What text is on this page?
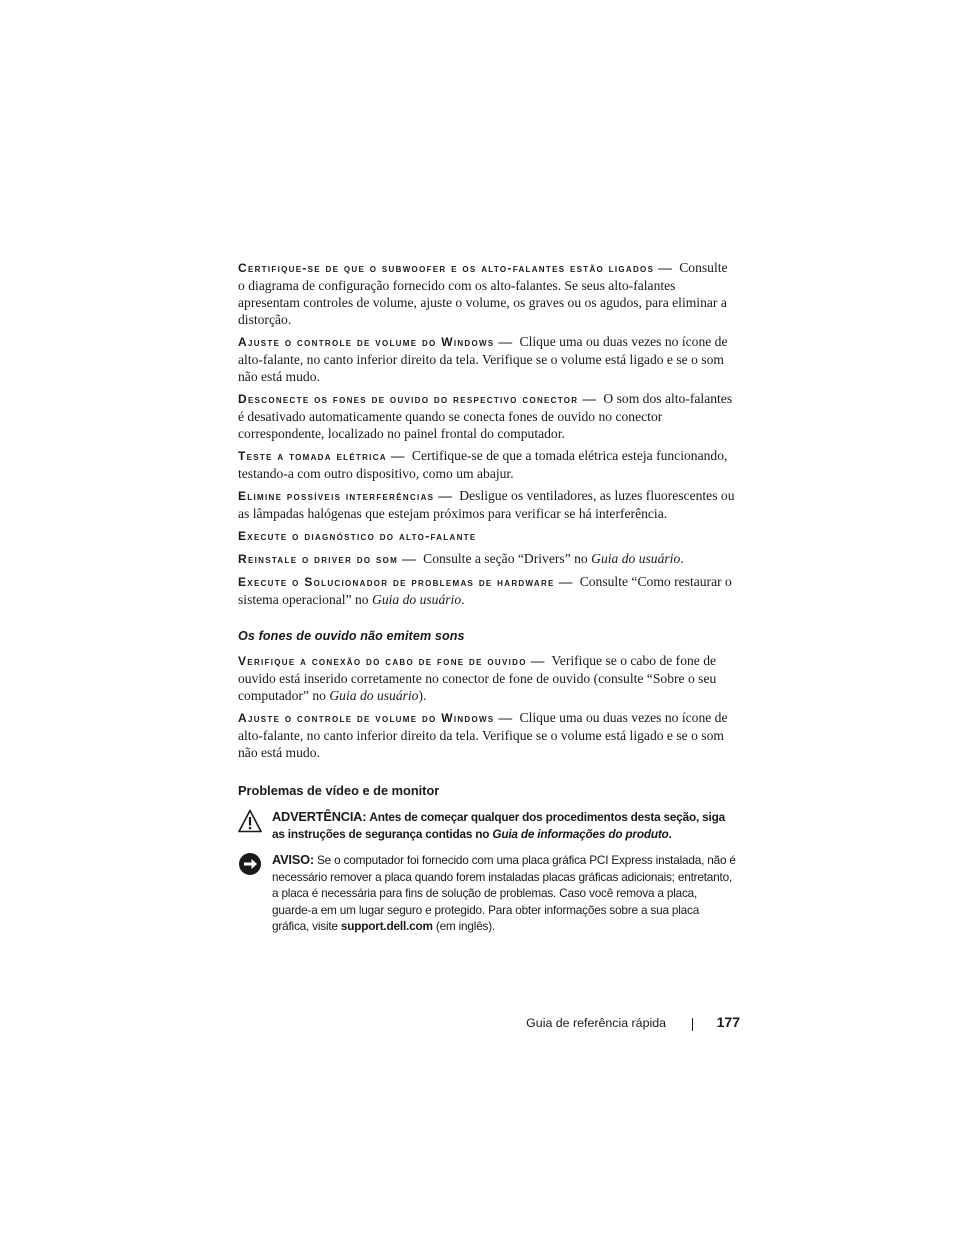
Certifique-se de que o subwoofer e os alto-falantes estão ligados — Consulte o diagrama de configuração fornecido com os alto-falantes. Se seus alto-falantes apresentam controles de volume, ajuste o volume, os graves ou os agudos, para eliminar a distorção.
Ajuste o controle de volume do Windows — Clique uma ou duas vezes no ícone de alto-falante, no canto inferior direito da tela. Verifique se o volume está ligado e se o som não está mudo.
Desconecte os fones de ouvido do respectivo conector — O som dos alto-falantes é desativado automaticamente quando se conecta fones de ouvido no conector correspondente, localizado no painel frontal do computador.
Teste a tomada elétrica — Certifique-se de que a tomada elétrica esteja funcionando, testando-a com outro dispositivo, como um abajur.
Elimine possíveis interferências — Desligue os ventiladores, as luzes fluorescentes ou as lâmpadas halógenas que estejam próximos para verificar se há interferência.
Execute o diagnóstico do alto-falante
Reinstale o driver do som — Consulte a seção “Drivers” no Guia do usuário.
Execute o Solucionador de problemas de hardware — Consulte “Como restaurar o sistema operacional” no Guia do usuário.
Os fones de ouvido não emitem sons
Verifique a conexão do cabo de fone de ouvido — Verifique se o cabo de fone de ouvido está inserido corretamente no conector de fone de ouvido (consulte “Sobre o seu computador” no Guia do usuário).
Ajuste o controle de volume do Windows — Clique uma ou duas vezes no ícone de alto-falante, no canto inferior direito da tela. Verifique se o volume está ligado e se o som não está mudo.
Problemas de vídeo e de monitor
ADVERTÊNCIA: Antes de começar qualquer dos procedimentos desta seção, siga as instruções de segurança contidas no Guia de informações do produto.
AVISO: Se o computador foi fornecido com uma placa gráfica PCI Express instalada, não é necessário remover a placa quando forem instaladas placas gráficas adicionais; entretanto, a placa é necessária para fins de solução de problemas. Caso você remova a placa, guarde-a em um lugar seguro e protegido. Para obter informações sobre a sua placa gráfica, visite support.dell.com (em inglês).
Guia de referência rápida	177
